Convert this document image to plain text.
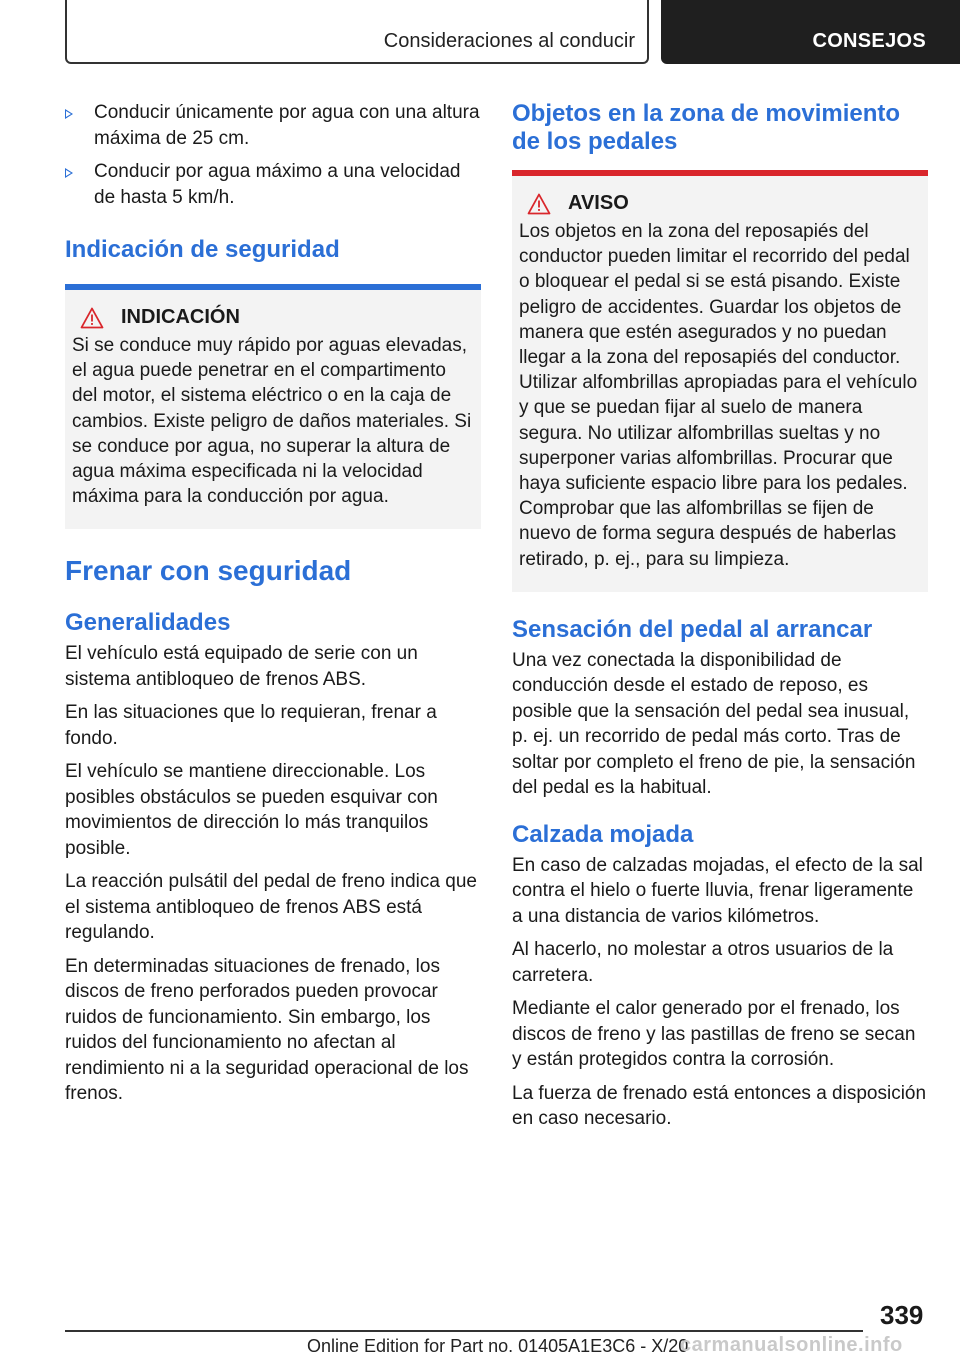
Consideraciones al conducir	CONSEJOS
Conducir únicamente por agua con una altura máxima de 25 cm.
Conducir por agua máximo a una velocidad de hasta 5 km/h.
Indicación de seguridad
INDICACIÓN

Si se conduce muy rápido por aguas elevadas, el agua puede penetrar en el compartimento del motor, el sistema eléctrico o en la caja de cambios. Existe peligro de daños materiales. Si se conduce por agua, no superar la altura de agua máxima especificada ni la velocidad máxima para la conducción por agua.

Frenar con seguridad
Generalidades

El vehículo está equipado de serie con un sistema antibloqueo de frenos ABS.

En las situaciones que lo requieran, frenar a fondo.

El vehículo se mantiene direccionable. Los posibles obstáculos se pueden esquivar con movimientos de dirección lo más tranquilos posible.

La reacción pulsátil del pedal de freno indica que el sistema antibloqueo de frenos ABS está regulando.

En determinadas situaciones de frenado, los discos de freno perforados pueden provocar ruidos de funcionamiento. Sin embargo, los ruidos del funcionamiento no afectan al rendimiento ni a la seguridad operacional de los frenos.

Objetos en la zona de movimiento de los pedales
AVISO

Los objetos en la zona del reposapiés del conductor pueden limitar el recorrido del pedal o bloquear el pedal si se está pisando. Existe peligro de accidentes. Guardar los objetos de manera que estén asegurados y no puedan llegar a la zona del reposapiés del conductor. Utilizar alfombrillas apropiadas para el vehículo y que se puedan fijar al suelo de manera segura. No utilizar alfombrillas sueltas y no superponer varias alfombrillas. Procurar que haya suficiente espacio libre para los pedales. Comprobar que las alfombrillas se fijen de nuevo de forma segura después de haberlas retirado, p. ej., para su limpieza.

Sensación del pedal al arrancar

Una vez conectada la disponibilidad de conducción desde el estado de reposo, es posible que la sensación del pedal sea inusual, p. ej. un recorrido de pedal más corto. Tras de soltar por completo el freno de pie, la sensación del pedal es la habitual.

Calzada mojada

En caso de calzadas mojadas, el efecto de la sal contra el hielo o fuerte lluvia, frenar ligeramente a una distancia de varios kilómetros.

Al hacerlo, no molestar a otros usuarios de la carretera.

Mediante el calor generado por el frenado, los discos de freno y las pastillas de freno se secan y están protegidos contra la corrosión.

La fuerza de frenado está entonces a disposición en caso necesario.

339
Online Edition for Part no. 01405A1E3C6 - X/20
carmanualsonline.info
